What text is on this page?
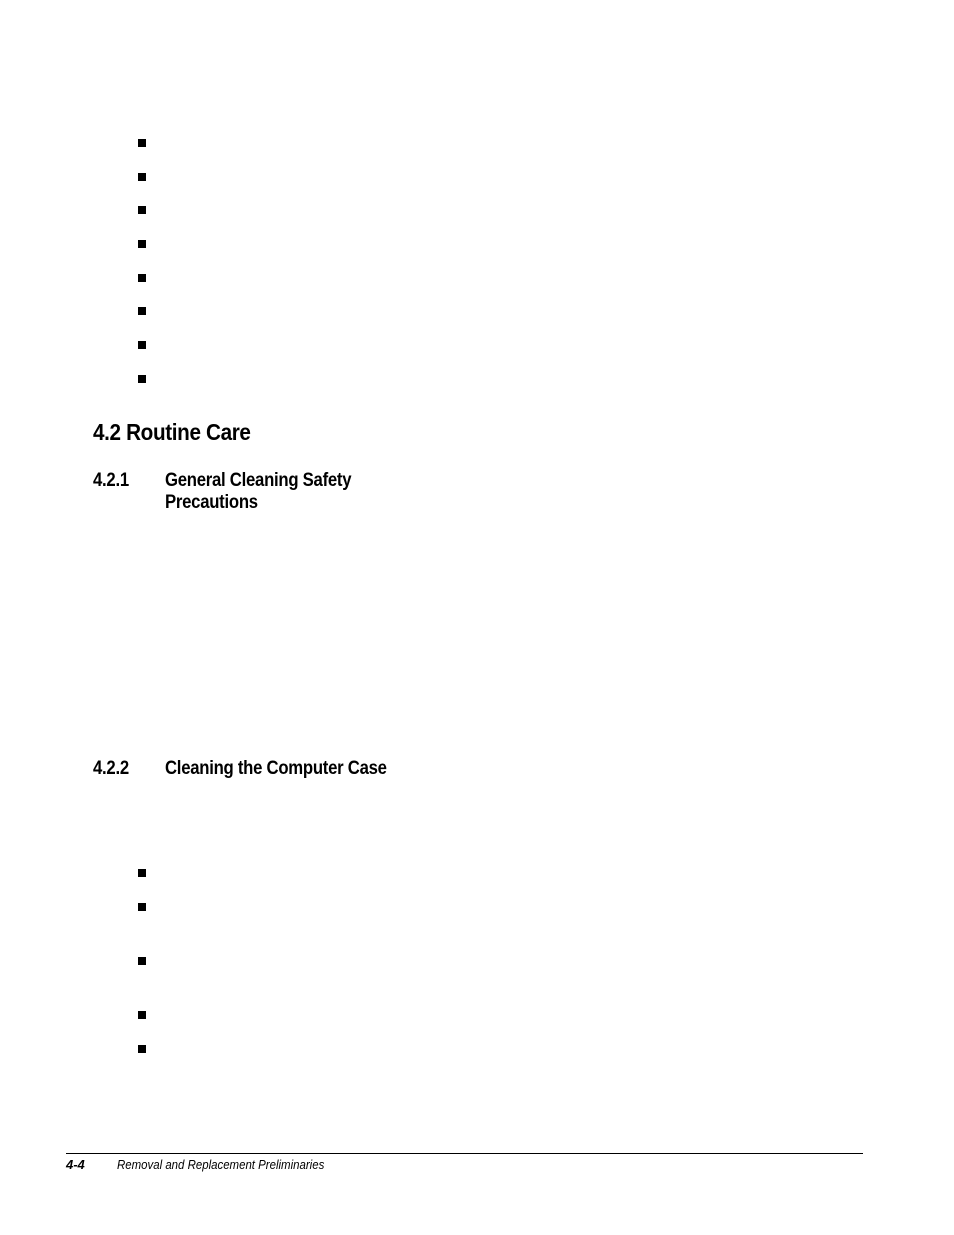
4.2 Routine Care
4.2.1 General Cleaning Safety
Precautions
4.2.2 Cleaning the Computer Case
4-4 Removal and Replacement Preliminaries
